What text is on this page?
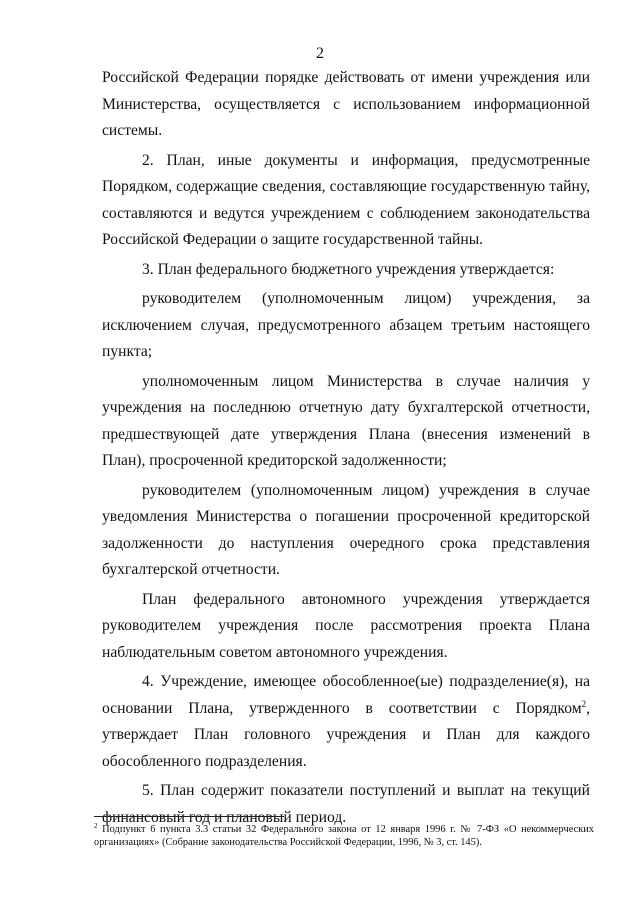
2

Российской Федерации порядке действовать от имени учреждения или Министерства, осуществляется с использованием информационной системы.

2. План, иные документы и информация, предусмотренные Порядком, содержащие сведения, составляющие государственную тайну, составляются и ведутся учреждением с соблюдением законодательства Российской Федерации о защите государственной тайны.

3. План федерального бюджетного учреждения утверждается:

руководителем (уполномоченным лицом) учреждения, за исключением случая, предусмотренного абзацем третьим настоящего пункта;

уполномоченным лицом Министерства в случае наличия у учреждения на последнюю отчетную дату бухгалтерской отчетности, предшествующей дате утверждения Плана (внесения изменений в План), просроченной кредиторской задолженности;

руководителем (уполномоченным лицом) учреждения в случае уведомления Министерства о погашении просроченной кредиторской задолженности до наступления очередного срока представления бухгалтерской отчетности.

План федерального автономного учреждения утверждается руководителем учреждения после рассмотрения проекта Плана наблюдательным советом автономного учреждения.

4. Учреждение, имеющее обособленное(ые) подразделение(я), на основании Плана, утвержденного в соответствии с Порядком$^2$, утверждает План головного учреждения и План для каждого обособленного подразделения.

5. План содержит показатели поступлений и выплат на текущий финансовый год и плановый период.

$^2$ Подпункт 6 пункта 3.3 статьи 32 Федерального закона от 12 января 1996 г. № 7-ФЗ «О некоммерческих организациях» (Собрание законодательства Российской Федерации, 1996, № 3, ст. 145).
